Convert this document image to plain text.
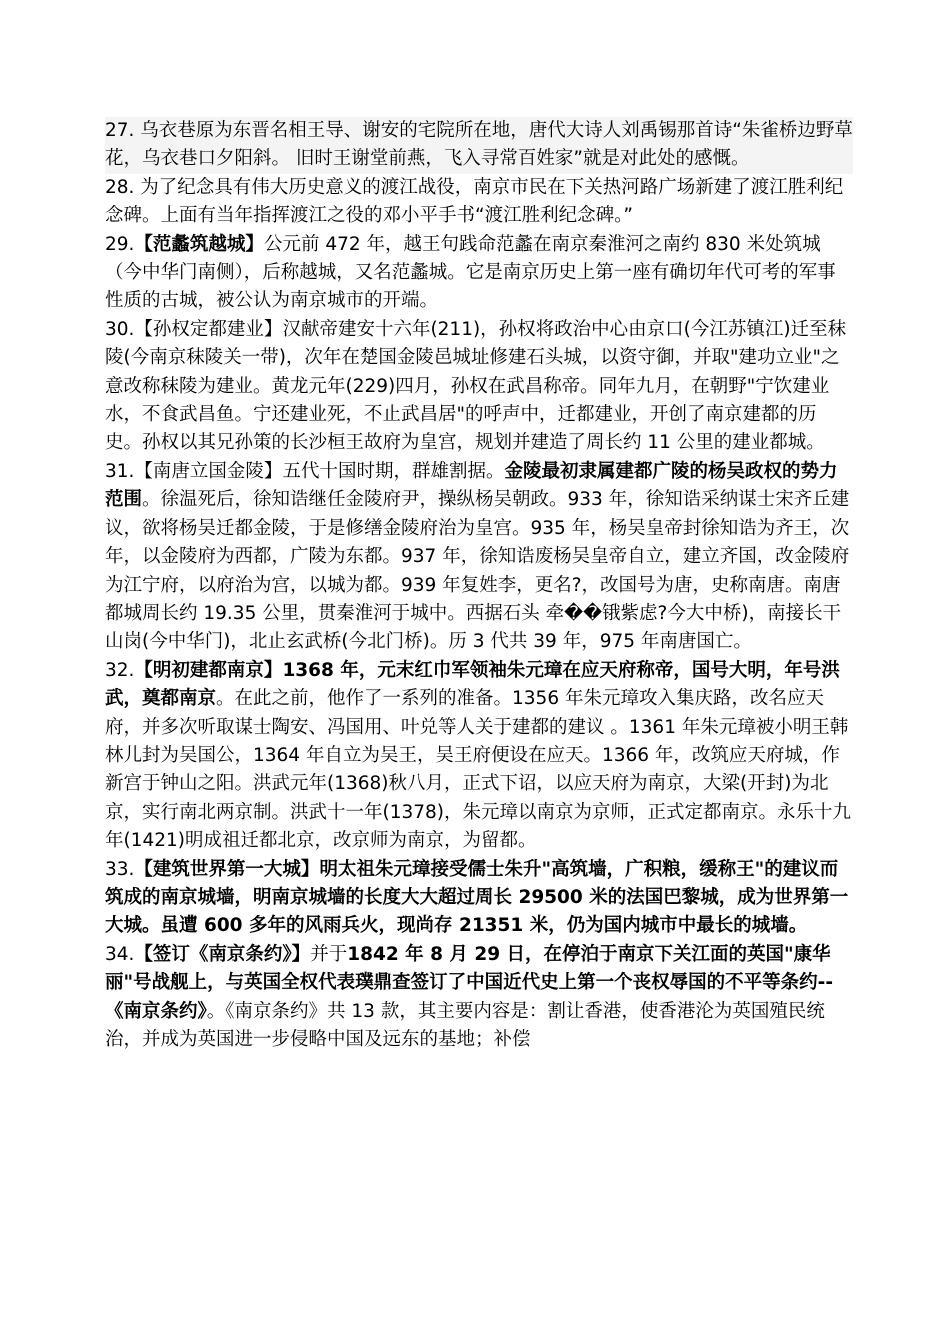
27. 乌衣巷原为东晋名相王导、谢安的宅院所在地，唐代大诗人刘禹锡那首诗“朱雀桥边野草花，乌衣巷口夕阳斜。 旧时王谢堂前燕，飞入寻常百姓家”就是对此处的感慨。

28. 为了纪念具有伟大历史意义的渡江战役，南京市民在下关热河路广场新建了渡江胜利纪念碑。上面有当年指挥渡江之役的邓小平手书“渡江胜利纪念碑。”

29.【范蠡筑越城】公元前 472 年，越王句践命范蠡在南京秦淮河之南约 830 米处筑城（今中华门南侧），后称越城，又名范蠡城。它是南京历史上第一座有确切年代可考的军事性质的古城，被公认为南京城市的开端。

30.【孙权定都建业】汉献帝建安十六年(211)，孙权将政治中心由京口(今江苏镇江)迁至秣陵(今南京秣陵关一带)，次年在楚国金陵邑城址修建石头城，以资守御，并取"建功立业"之意改称秣陵为建业。黄龙元年(229)四月，孙权在武昌称帝。同年九月，在朝野"宁饮建业水，不食武昌鱼。宁还建业死，不止武昌居"的呼声中，迁都建业，开创了南京建都的历史。孙权以其兄孙策的长沙桓王故府为皇宫，规划并建造了周长约 11 公里的建业都城。

31.【南唐立国金陵】五代十国时期，群雄割据。金陵最初隶属建都广陵的杨吴政权的势力范围。徐温死后，徐知诰继任金陵府尹，操纵杨吴朝政。933 年，徐知诰采纳谋士宋齐丘建议，欲将杨吴迁都金陵，于是修缮金陵府治为皇宫。935 年，杨吴皇帝封徐知诰为齐王，次年，以金陵府为西都，广陵为东都。937 年，徐知诰废杨吴皇帝自立，建立齐国，改金陵府为江宁府，以府治为宫，以城为都。939 年复姓李，更名?，改国号为唐，史称南唐。南唐都城周长约 19.35 公里，贯秦淮河于城中。西据石头 牵��锇紫虑?今大中桥)，南接长干山岗(今中华门)，北止玄武桥(今北门桥)。历 3 代共 39 年，975 年南唐国亡。

32.【明初建都南京】1368 年，元末红巾军领袖朱元璋在应天府称帝，国号大明，年号洪武，奠都南京。在此之前，他作了一系列的准备。1356 年朱元璋攻入集庆路，改名应天府，并多次听取谋士陶安、冯国用、叶兑等人关于建都的建议 。1361 年朱元璋被小明王韩林儿封为吴国公，1364 年自立为吴王，吴王府便设在应天。1366 年，改筑应天府城，作新宫于钟山之阳。洪武元年(1368)秋八月，正式下诏，以应天府为南京，大梁(开封)为北京，实行南北两京制。洪武十一年(1378)，朱元璋以南京为京师，正式定都南京。永乐十九年(1421)明成祖迁都北京，改京师为南京，为留都。

33.【建筑世界第一大城】明太祖朱元璋接受儒士朱升"高筑墙，广积粮，缓称王"的建议而筑成的南京城墙，明南京城墙的长度大大超过周长 29500 米的法国巴黎城，成为世界第一大城。虽遭 600 多年的风雨兵火，现尚存 21351 米，仍为国内城市中最长的城墙。

34.【签订《南京条约》】并于1842 年 8 月 29 日，在停泊于南京下关江面的英国"康华丽"号战舰上，与英国全权代表璞鼎查签订了中国近代史上第一个丧权辱国的不平等条约--《南京条约》。《南京条约》共 13 款，其主要内容是：割让香港，使香港沦为英国殖民统治，并成为英国进一步侵略中国及远东的基地；补偿
